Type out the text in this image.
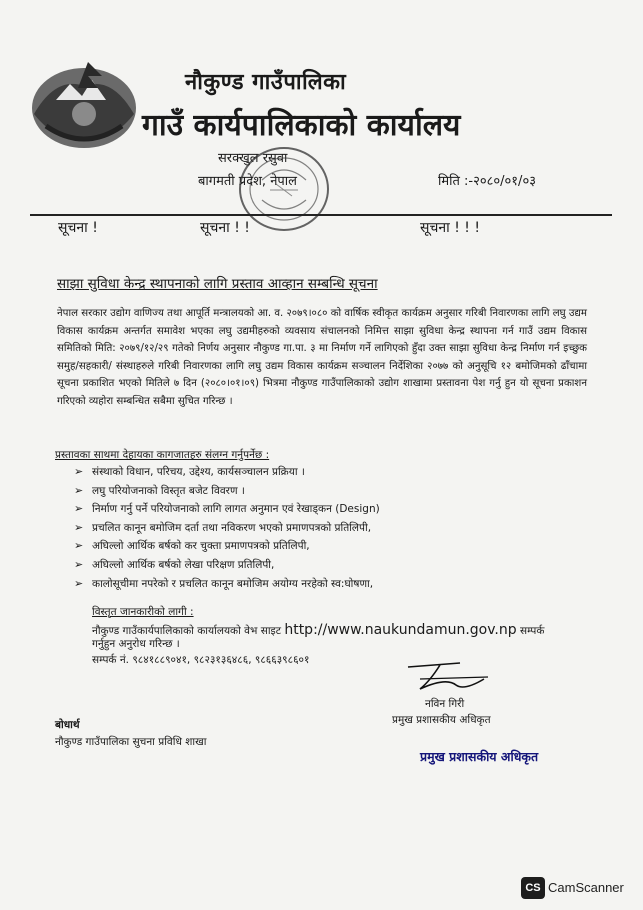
नौकुण्ड गाउँपालिका
गाउँ कार्यपालिकाको कार्यालय
सरक्खुल रसुवा
बागमती प्रदेश, नेपाल	मिति :-२०८०/०१/०३
सूचना !	सूचना ! !	सूचना ! ! !
साझा सुविधा केन्द्र स्थापनाको लागि प्रस्ताव आव्हान सम्बन्धि सूचना

नेपाल सरकार उद्योग वाणिज्य तथा आपूर्ति मन्त्रालयको आ. व. २०७९।०८० को वार्षिक स्वीकृत कार्यक्रम अनुसार गरिबी निवारणका लागि लघु उद्यम विकास कार्यक्रम अन्तर्गत समावेश भएका लघु उद्यमीहरुको व्यवसाय संचालनको निमित्त साझा सुविधा केन्द्र स्थापना गर्न गाउँ उद्यम विकास समितिको मिति: २०७९/१२/२९ गतेको निर्णय अनुसार नौकुण्ड गा.पा. ३ मा निर्माण गर्ने लागिएको हुँदा उक्त साझा सुविधा केन्द्र निर्माण गर्न इच्छुक समुह/सहकारी/ संस्थाहरुले गरिबी निवारणका लागि लघु उद्यम विकास कार्यक्रम सञ्चालन निर्देशिका २०७७ को अनुसूचि १२ बमोजिमको ढाँचामा सूचना प्रकाशित भएको मितिले ७ दिन (२०८०।०१।०९) भित्रमा नौकुण्ड गाउँपालिकाको उद्योग शाखामा प्रस्तावना पेश गर्नु हुन यो सूचना प्रकाशन गरिएको व्यहोरा सम्बन्धित सबैमा सुचित गरिन्छ ।

प्रस्तावका साथमा देहायका कागजातहरु संलग्न गर्नुपर्नेछ :
➢ संस्थाको विधान, परिचय, उद्देश्य, कार्यसञ्चालन प्रक्रिया ।
➢ लघु परियोजनाको विस्तृत बजेट विवरण ।
➢ निर्माण गर्नु पर्ने परियोजनाको लागि लागत अनुमान एवं रेखाड्कन (Design)
➢ प्रचलित कानून बमोजिम दर्ता तथा नविकरण भएको प्रमाणपत्रको प्रतिलिपी,
➢ अघिल्लो आर्थिक बर्षको कर चुक्ता प्रमाणपत्रको प्रतिलिपी,
➢ अघिल्लो आर्थिक बर्षको लेखा परिक्षण प्रतिलिपी,
➢ कालोसूचीमा नपरेको र प्रचलित कानून बमोजिम अयोग्य नरहेको स्व:घोषणा,
विस्तृत जानकारीको लागी :
नौकुण्ड गाउँकार्यपालिकाको कार्यालयको वेभ साइट http://www.naukundamun.gov.np सम्पर्क
गर्नुहुन अनुरोध गरिन्छ ।
सम्पर्क नं. ९८४१८८९०४१, ९८२३१३६४८६, ९८६६३९८६०१
नविन गिरी
प्रमुख प्रशासकीय अधिकृत
प्रमुख प्रशासकीय अधिकृत
बोधार्थ
नौकुण्ड गाउँपालिका सुचना प्रविधि शाखा
CS CamScanner
